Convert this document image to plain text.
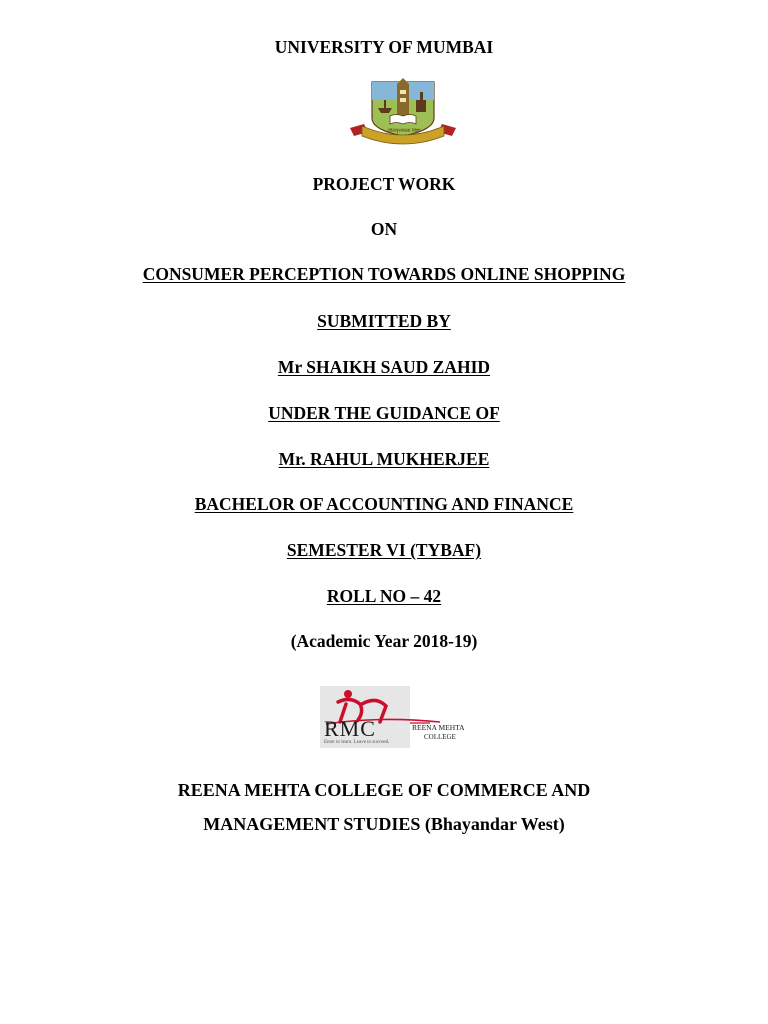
UNIVERSITY OF MUMBAI
शीलवृत्तफला विद्या
PROJECT WORK
ON
CONSUMER PERCEPTION TOWARDS ONLINE SHOPPING
SUBMITTED BY
Mr SHAIKH SAUD ZAHID
UNDER THE GUIDANCE OF
Mr. RAHUL MUKHERJEE
BACHELOR OF ACCOUNTING AND FINANCE
SEMESTER VI (TYBAF)
ROLL NO – 42
(Academic Year 2018-19)
RMC	REENA MEHTA
COLLEGE
Enter to learn. Leave to succeed.
REENA MEHTA COLLEGE OF COMMERCE AND
MANAGEMENT STUDIES (Bhayandar West)
